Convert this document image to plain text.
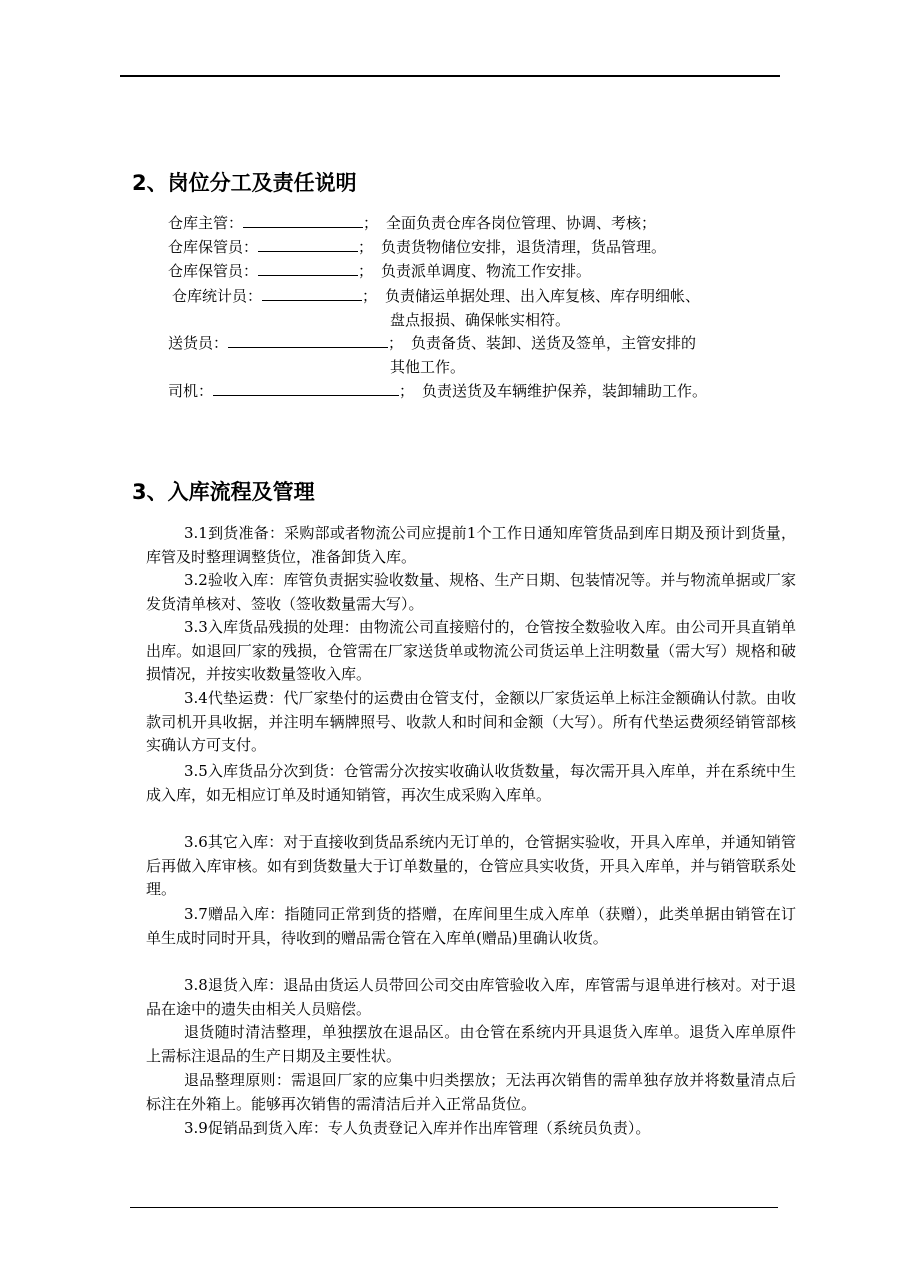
2、岗位分工及责任说明
仓库主管：	； 全面负责仓库各岗位管理、协调、考核；
仓库保管员：	； 负责货物储位安排，退货清理，货品管理。
仓库保管员：	； 负责派单调度、物流工作安排。
仓库统计员：	； 负责储运单据处理、出入库复核、库存明细帐、
盘点报损、确保帐实相符。
送货员：	； 负责备货、装卸、送货及签单，主管安排的
其他工作。
司机：	； 负责送货及车辆维护保养，装卸辅助工作。
3、入库流程及管理
3.1到货准备：采购部或者物流公司应提前1个工作日通知库管货品到库日期及预计到货量，库管及时整理调整货位，准备卸货入库。
3.2验收入库：库管负责据实验收数量、规格、生产日期、包装情况等。并与物流单据或厂家发货清单核对、签收（签收数量需大写）。
3.3入库货品残损的处理：由物流公司直接赔付的，仓管按全数验收入库。由公司开具直销单出库。如退回厂家的残损，仓管需在厂家送货单或物流公司货运单上注明数量（需大写）规格和破损情况，并按实收数量签收入库。
3.4代垫运费：代厂家垫付的运费由仓管支付，金额以厂家货运单上标注金额确认付款。由收款司机开具收据，并注明车辆牌照号、收款人和时间和金额（大写）。所有代垫运费须经销管部核实确认方可支付。
3.5入库货品分次到货：仓管需分次按实收确认收货数量，每次需开具入库单，并在系统中生成入库，如无相应订单及时通知销管，再次生成采购入库单。
3.6其它入库：对于直接收到货品系统内无订单的，仓管据实验收，开具入库单，并通知销管后再做入库审核。如有到货数量大于订单数量的，仓管应具实收货，开具入库单，并与销管联系处理。
3.7赠品入库：指随同正常到货的搭赠，在库间里生成入库单（获赠），此类单据由销管在订单生成时同时开具，待收到的赠品需仓管在入库单(赠品)里确认收货。
3.8退货入库：退品由货运人员带回公司交由库管验收入库，库管需与退单进行核对。对于退品在途中的遗失由相关人员赔偿。
退货随时清洁整理，单独摆放在退品区。由仓管在系统内开具退货入库单。退货入库单原件上需标注退品的生产日期及主要性状。
退品整理原则：需退回厂家的应集中归类摆放；无法再次销售的需单独存放并将数量清点后标注在外箱上。能够再次销售的需清洁后并入正常品货位。
3.9促销品到货入库：专人负责登记入库并作出库管理（系统员负责）。
